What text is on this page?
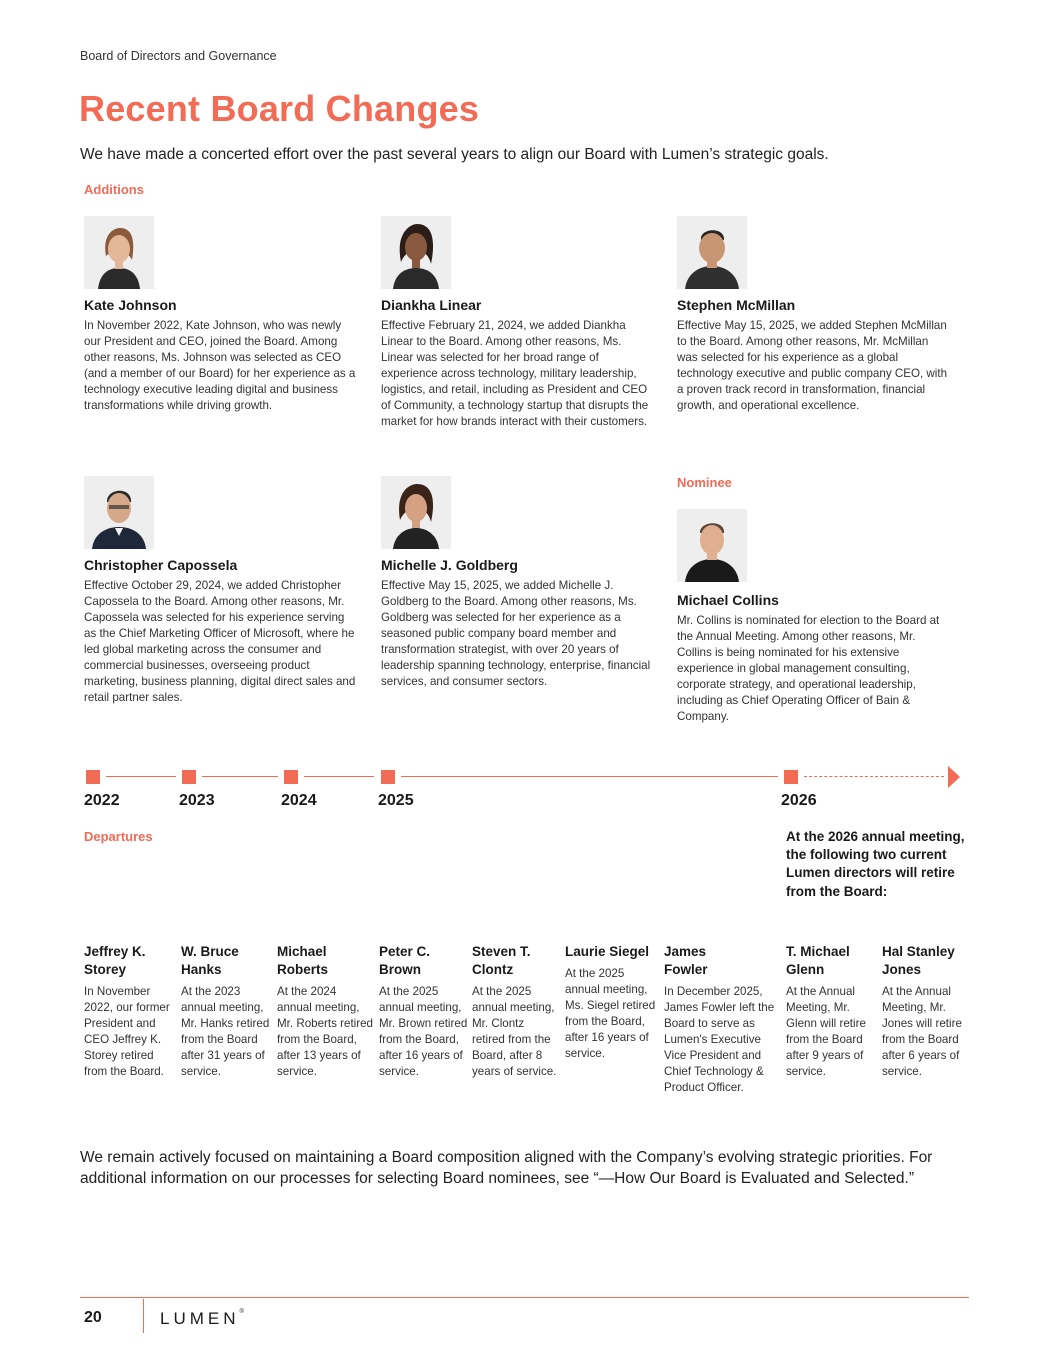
Board of Directors and Governance
Recent Board Changes

We have made a concerted effort over the past several years to align our Board with Lumen’s strategic goals.

Additions
Kate Johnson
In November 2022, Kate Johnson, who was newly our President and CEO, joined the Board. Among other reasons, Ms. Johnson was selected as CEO (and a member of our Board) for her experience as a technology executive leading digital and business transformations while driving growth.
Diankha Linear
Effective February 21, 2024, we added Diankha Linear to the Board. Among other reasons, Ms. Linear was selected for her broad range of experience across technology, military leadership, logistics, and retail, including as President and CEO of Community, a technology startup that disrupts the market for how brands interact with their customers.
Stephen McMillan
Effective May 15, 2025, we added Stephen McMillan to the Board. Among other reasons, Mr. McMillan was selected for his experience as a global technology executive and public company CEO, with a proven track record in transformation, financial growth, and operational excellence.
Christopher Capossela
Effective October 29, 2024, we added Christopher Capossela to the Board. Among other reasons, Mr. Capossela was selected for his experience serving as the Chief Marketing Officer of Microsoft, where he led global marketing across the consumer and commercial businesses, overseeing product marketing, business planning, digital direct sales and retail partner sales.
Michelle J. Goldberg
Effective May 15, 2025, we added Michelle J. Goldberg to the Board. Among other reasons, Ms. Goldberg was selected for her experience as a seasoned public company board member and transformation strategist, with over 20 years of leadership spanning technology, enterprise, financial services, and consumer sectors.
Nominee
Michael Collins
Mr. Collins is nominated for election to the Board at the Annual Meeting. Among other reasons, Mr. Collins is being nominated for his extensive experience in global management consulting, corporate strategy, and operational leadership, including as Chief Operating Officer of Bain & Company.
2022	2023	2024	2025	2026
Departures	At the 2026 annual meeting, the following two current Lumen directors will retire from the Board:
Jeffrey K. Storey
In November 2022, our former President and CEO Jeffrey K. Storey retired from the Board.
W. Bruce Hanks
At the 2023 annual meeting, Mr. Hanks retired from the Board after 31 years of service.
Michael Roberts
At the 2024 annual meeting, Mr. Roberts retired from the Board, after 13 years of service.
Peter C. Brown
At the 2025 annual meeting, Mr. Brown retired from the Board, after 16 years of service.
Steven T. Clontz
At the 2025 annual meeting, Mr. Clontz retired from the Board, after 8 years of service.
Laurie Siegel
At the 2025 annual meeting, Ms. Siegel retired from the Board, after 16 years of service.
James Fowler
In December 2025, James Fowler left the Board to serve as Lumen's Executive Vice President and Chief Technology & Product Officer.
T. Michael Glenn
At the Annual Meeting, Mr. Glenn will retire from the Board after 9 years of service.
Hal Stanley Jones
At the Annual Meeting, Mr. Jones will retire from the Board after 6 years of service.

We remain actively focused on maintaining a Board composition aligned with the Company’s evolving strategic priorities. For additional information on our processes for selecting Board nominees, see “—How Our Board is Evaluated and Selected.”

20	LUMEN®
